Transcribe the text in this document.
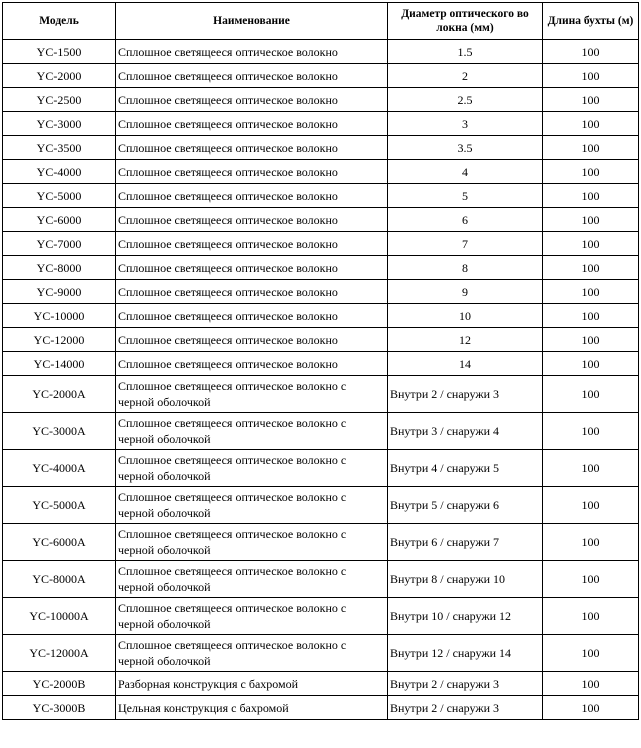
Модель	Наименование	Диаметр оптического во локна (мм)	Длина бухты (м)
YC-1500	Сплошное светящееся оптическое волокно	1.5	100
YC-2000	Сплошное светящееся оптическое волокно	2	100
YC-2500	Сплошное светящееся оптическое волокно	2.5	100
YC-3000	Сплошное светящееся оптическое волокно	3	100
YC-3500	Сплошное светящееся оптическое волокно	3.5	100
YC-4000	Сплошное светящееся оптическое волокно	4	100
YC-5000	Сплошное светящееся оптическое волокно	5	100
YC-6000	Сплошное светящееся оптическое волокно	6	100
YC-7000	Сплошное светящееся оптическое волокно	7	100
YC-8000	Сплошное светящееся оптическое волокно	8	100
YC-9000	Сплошное светящееся оптическое волокно	9	100
YC-10000	Сплошное светящееся оптическое волокно	10	100
YC-12000	Сплошное светящееся оптическое волокно	12	100
YC-14000	Сплошное светящееся оптическое волокно	14	100
YC-2000A	Сплошное светящееся оптическое волокно с черной оболочкой	Внутри 2 / снаружи 3	100
YC-3000A	Сплошное светящееся оптическое волокно с черной оболочкой	Внутри 3 / снаружи 4	100
YC-4000A	Сплошное светящееся оптическое волокно с черной оболочкой	Внутри 4 / снаружи 5	100
YC-5000A	Сплошное светящееся оптическое волокно с черной оболочкой	Внутри 5 / снаружи 6	100
YC-6000A	Сплошное светящееся оптическое волокно с черной оболочкой	Внутри 6 / снаружи 7	100
YC-8000A	Сплошное светящееся оптическое волокно с черной оболочкой	Внутри 8 / снаружи 10	100
YC-10000A	Сплошное светящееся оптическое волокно с черной оболочкой	Внутри 10 / снаружи 12	100
YC-12000A	Сплошное светящееся оптическое волокно с черной оболочкой	Внутри 12 / снаружи 14	100
YC-2000B	Разборная конструкция с бахромой	Внутри 2 / снаружи 3	100
YC-3000B	Цельная конструкция с бахромой	Внутри 2 / снаружи 3	100
